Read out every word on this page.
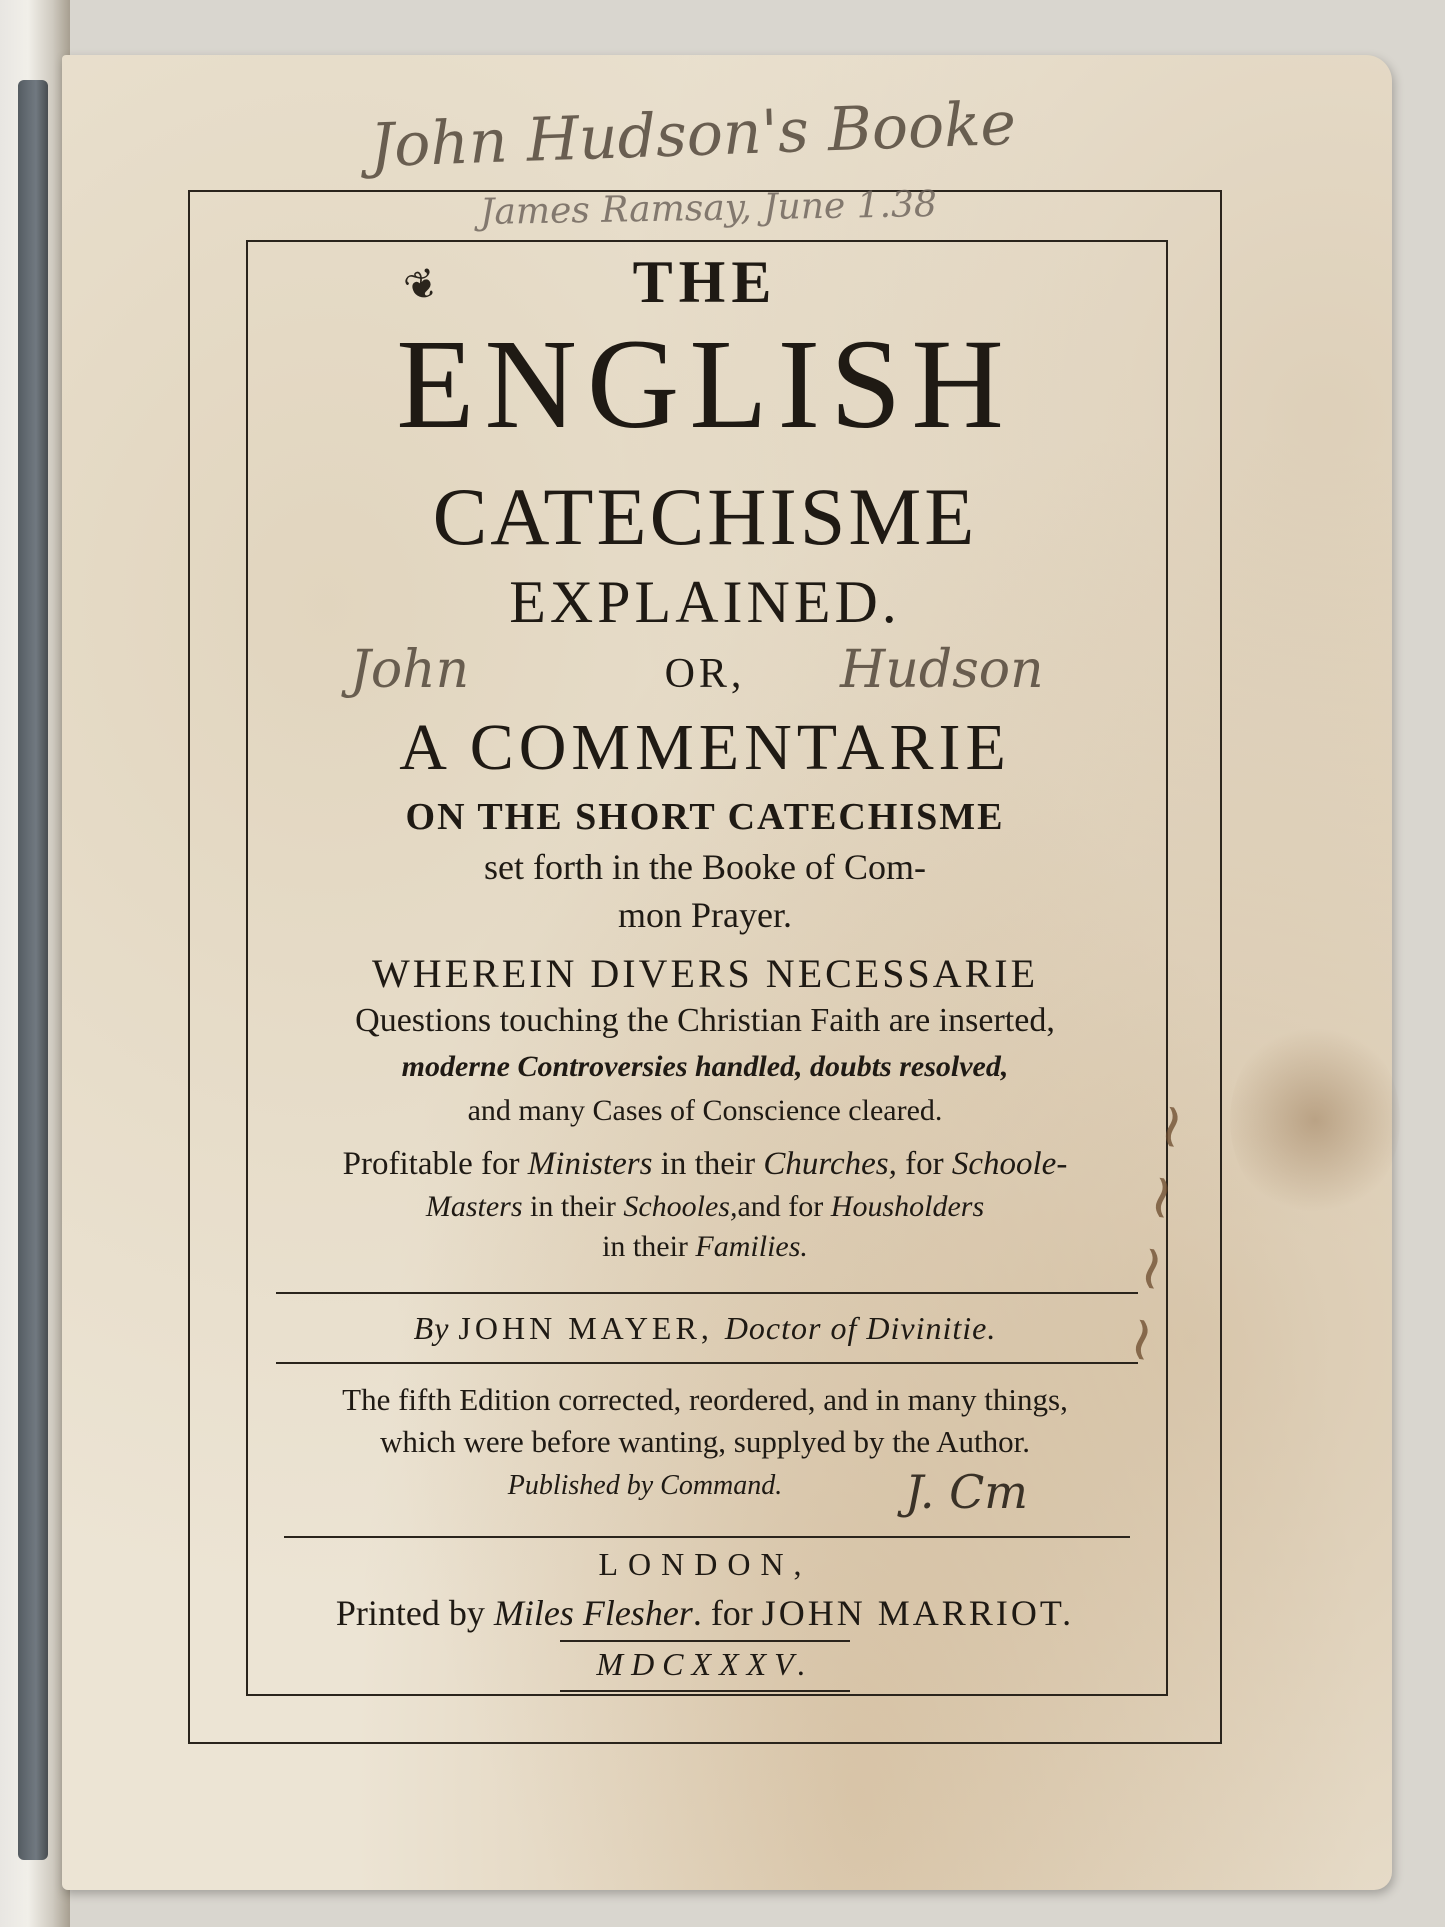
THE

ENGLISH

CATECHISME

EXPLAINED.

OR,

A COMMENTARIE

ON THE SHORT CATECHISME

set forth in the Booke of Com-

mon Prayer.

WHEREIN DIVERS NECESSARIE

Questions touching the Christian Faith are inserted,

moderne Controversies handled, doubts resolved,

and many Cases of Conscience cleared.

Profitable for Ministers in their Churches, for Schoole-

Masters in their Schooles,and for Housholders

in their Families.

By JOHN MAYER, Doctor of Divinitie.

The fifth Edition corrected, reordered, and in many things,

which were before wanting, supplyed by the Author.

Published by Command.

LONDON,

Printed by Miles Flesher. for JOHN MARRIOT.

MDCXXXV.

❦
John Hudson's Booke
James Ramsay, June 1.38
John	Hudson
J. Cm
~ ~ ~ ~
